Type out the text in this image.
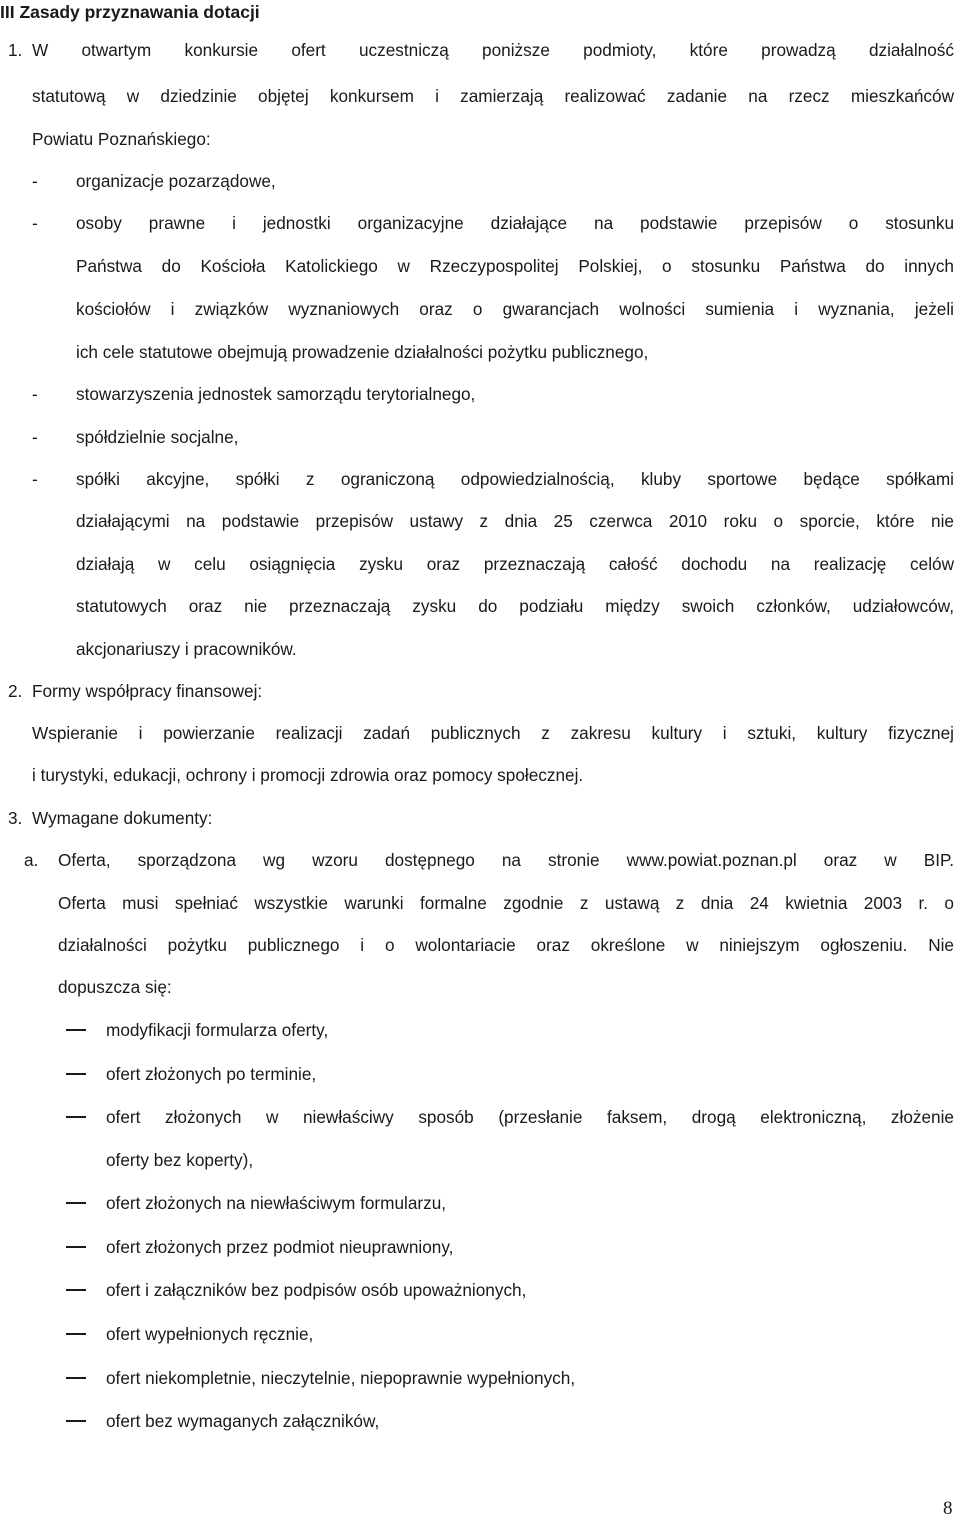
III Zasady przyznawania dotacji
1. W otwartym konkursie ofert uczestniczą poniższe podmioty, które prowadzą działalność
statutową w dziedzinie objętej konkursem i zamierzają realizować zadanie na rzecz mieszkańców
Powiatu Poznańskiego:
- organizacje pozarządowe,
- osoby prawne i jednostki organizacyjne działające na podstawie przepisów o stosunku
Państwa do Kościoła Katolickiego w Rzeczypospolitej Polskiej, o stosunku Państwa do innych
kościołów i związków wyznaniowych oraz o gwarancjach wolności sumienia i wyznania, jeżeli
ich cele statutowe obejmują prowadzenie działalności pożytku publicznego,
- stowarzyszenia jednostek samorządu terytorialnego,
- spółdzielnie socjalne,
- spółki akcyjne, spółki z ograniczoną odpowiedzialnością, kluby sportowe będące spółkami
działającymi na podstawie przepisów ustawy z dnia 25 czerwca 2010 roku o sporcie, które nie
działają w celu osiągnięcia zysku oraz przeznaczają całość dochodu na realizację celów
statutowych oraz nie przeznaczają zysku do podziału między swoich członków, udziałowców,
akcjonariuszy i pracowników.
2. Formy współpracy finansowej:
Wspieranie i powierzanie realizacji zadań publicznych z zakresu kultury i sztuki, kultury fizycznej
i turystyki, edukacji, ochrony i promocji zdrowia oraz pomocy społecznej.
3. Wymagane dokumenty:
a. Oferta, sporządzona wg wzoru dostępnego na stronie www.powiat.poznan.pl oraz w BIP.
Oferta musi spełniać wszystkie warunki formalne zgodnie z ustawą z dnia 24 kwietnia 2003 r. o
działalności pożytku publicznego i o wolontariacie oraz określone w niniejszym ogłoszeniu. Nie
dopuszcza się:
modyfikacji formularza oferty,
ofert złożonych po terminie,
ofert złożonych w niewłaściwy sposób (przesłanie faksem, drogą elektroniczną, złożenie
oferty bez koperty),
ofert złożonych na niewłaściwym formularzu,
ofert złożonych przez podmiot nieuprawniony,
ofert i załączników bez podpisów osób upoważnionych,
ofert wypełnionych ręcznie,
ofert niekompletnie, nieczytelnie, niepoprawnie wypełnionych,
ofert bez wymaganych załączników,
8
